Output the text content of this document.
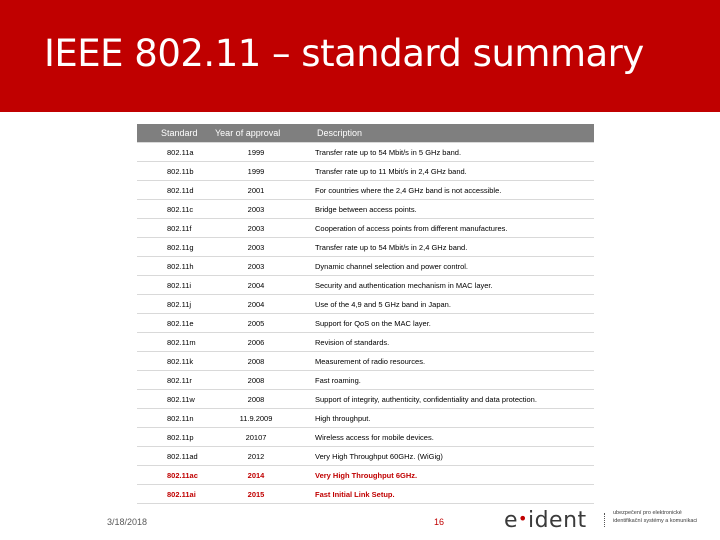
IEEE 802.11 – standard summary
Standard	Year of approval	Description
802.11a	1999	Transfer rate up to 54 Mbit/s in 5 GHz band.
802.11b	1999	Transfer rate up to 11 Mbit/s in 2,4 GHz band.
802.11d	2001	For countries where the 2,4 GHz band is not accessible.
802.11c	2003	Bridge between access points.
802.11f	2003	Cooperation of access points from different manufactures.
802.11g	2003	Transfer rate up to 54 Mbit/s in 2,4 GHz band.
802.11h	2003	Dynamic channel selection and power control.
802.11i	2004	Security and authentication mechanism in MAC layer.
802.11j	2004	Use of the 4,9 and 5 GHz band in Japan.
802.11e	2005	Support for QoS on the MAC layer.
802.11m	2006	Revision of standards.
802.11k	2008	Measurement of radio resources.
802.11r	2008	Fast roaming.
802.11w	2008	Support of integrity, authenticity, confidentiality and data protection.
802.11n	11.9.2009	High throughput.
802.11p	20107	Wireless access for mobile devices.
802.11ad	2012	Very High Throughput 60GHz. (WiGig)
802.11ac	2014	Very High Throughput 6GHz.
802.11ai	2015	Fast Initial Link Setup.
3/18/2018	16	e•ident	ubezpečení pro elektronické
identifikační systémy a komunikaci
